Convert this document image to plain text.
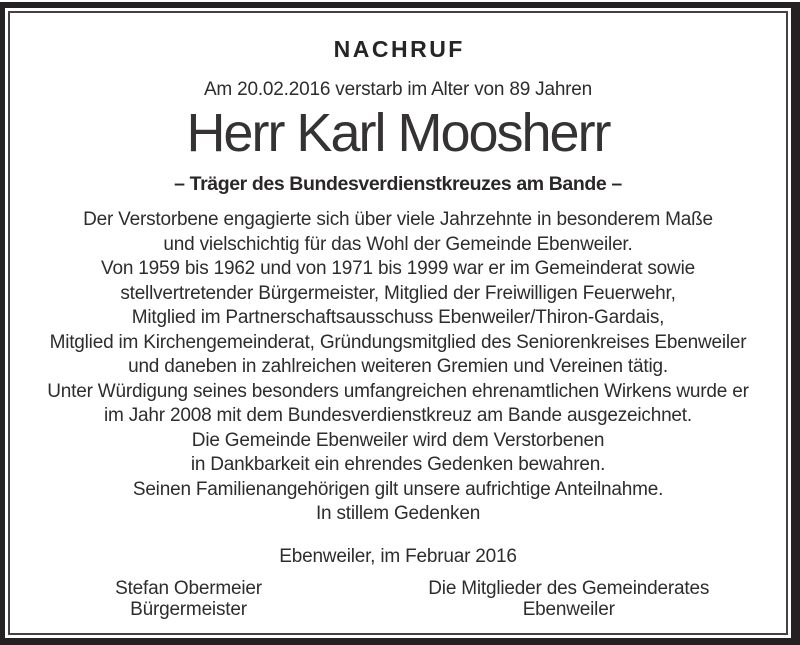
NACHRUF
Am 20.02.2016 verstarb im Alter von 89 Jahren
Herr Karl Moosherr
– Träger des Bundesverdienstkreuzes am Bande –
Der Verstorbene engagierte sich über viele Jahrzehnte in besonderem Maße
und vielschichtig für das Wohl der Gemeinde Ebenweiler.
Von 1959 bis 1962 und von 1971 bis 1999 war er im Gemeinderat sowie
stellvertretender Bürgermeister, Mitglied der Freiwilligen Feuerwehr,
Mitglied im Partnerschaftsausschuss Ebenweiler/Thiron-Gardais,
Mitglied im Kirchengemeinderat, Gründungsmitglied des Seniorenkreises Ebenweiler
und daneben in zahlreichen weiteren Gremien und Vereinen tätig.
Unter Würdigung seines besonders umfangreichen ehrenamtlichen Wirkens wurde er
im Jahr 2008 mit dem Bundesverdienstkreuz am Bande ausgezeichnet.
Die Gemeinde Ebenweiler wird dem Verstorbenen
in Dankbarkeit ein ehrendes Gedenken bewahren.
Seinen Familienangehörigen gilt unsere aufrichtige Anteilnahme.
In stillem Gedenken
Ebenweiler, im Februar 2016
Stefan Obermeier
Bürgermeister
Die Mitglieder des Gemeinderates
Ebenweiler
